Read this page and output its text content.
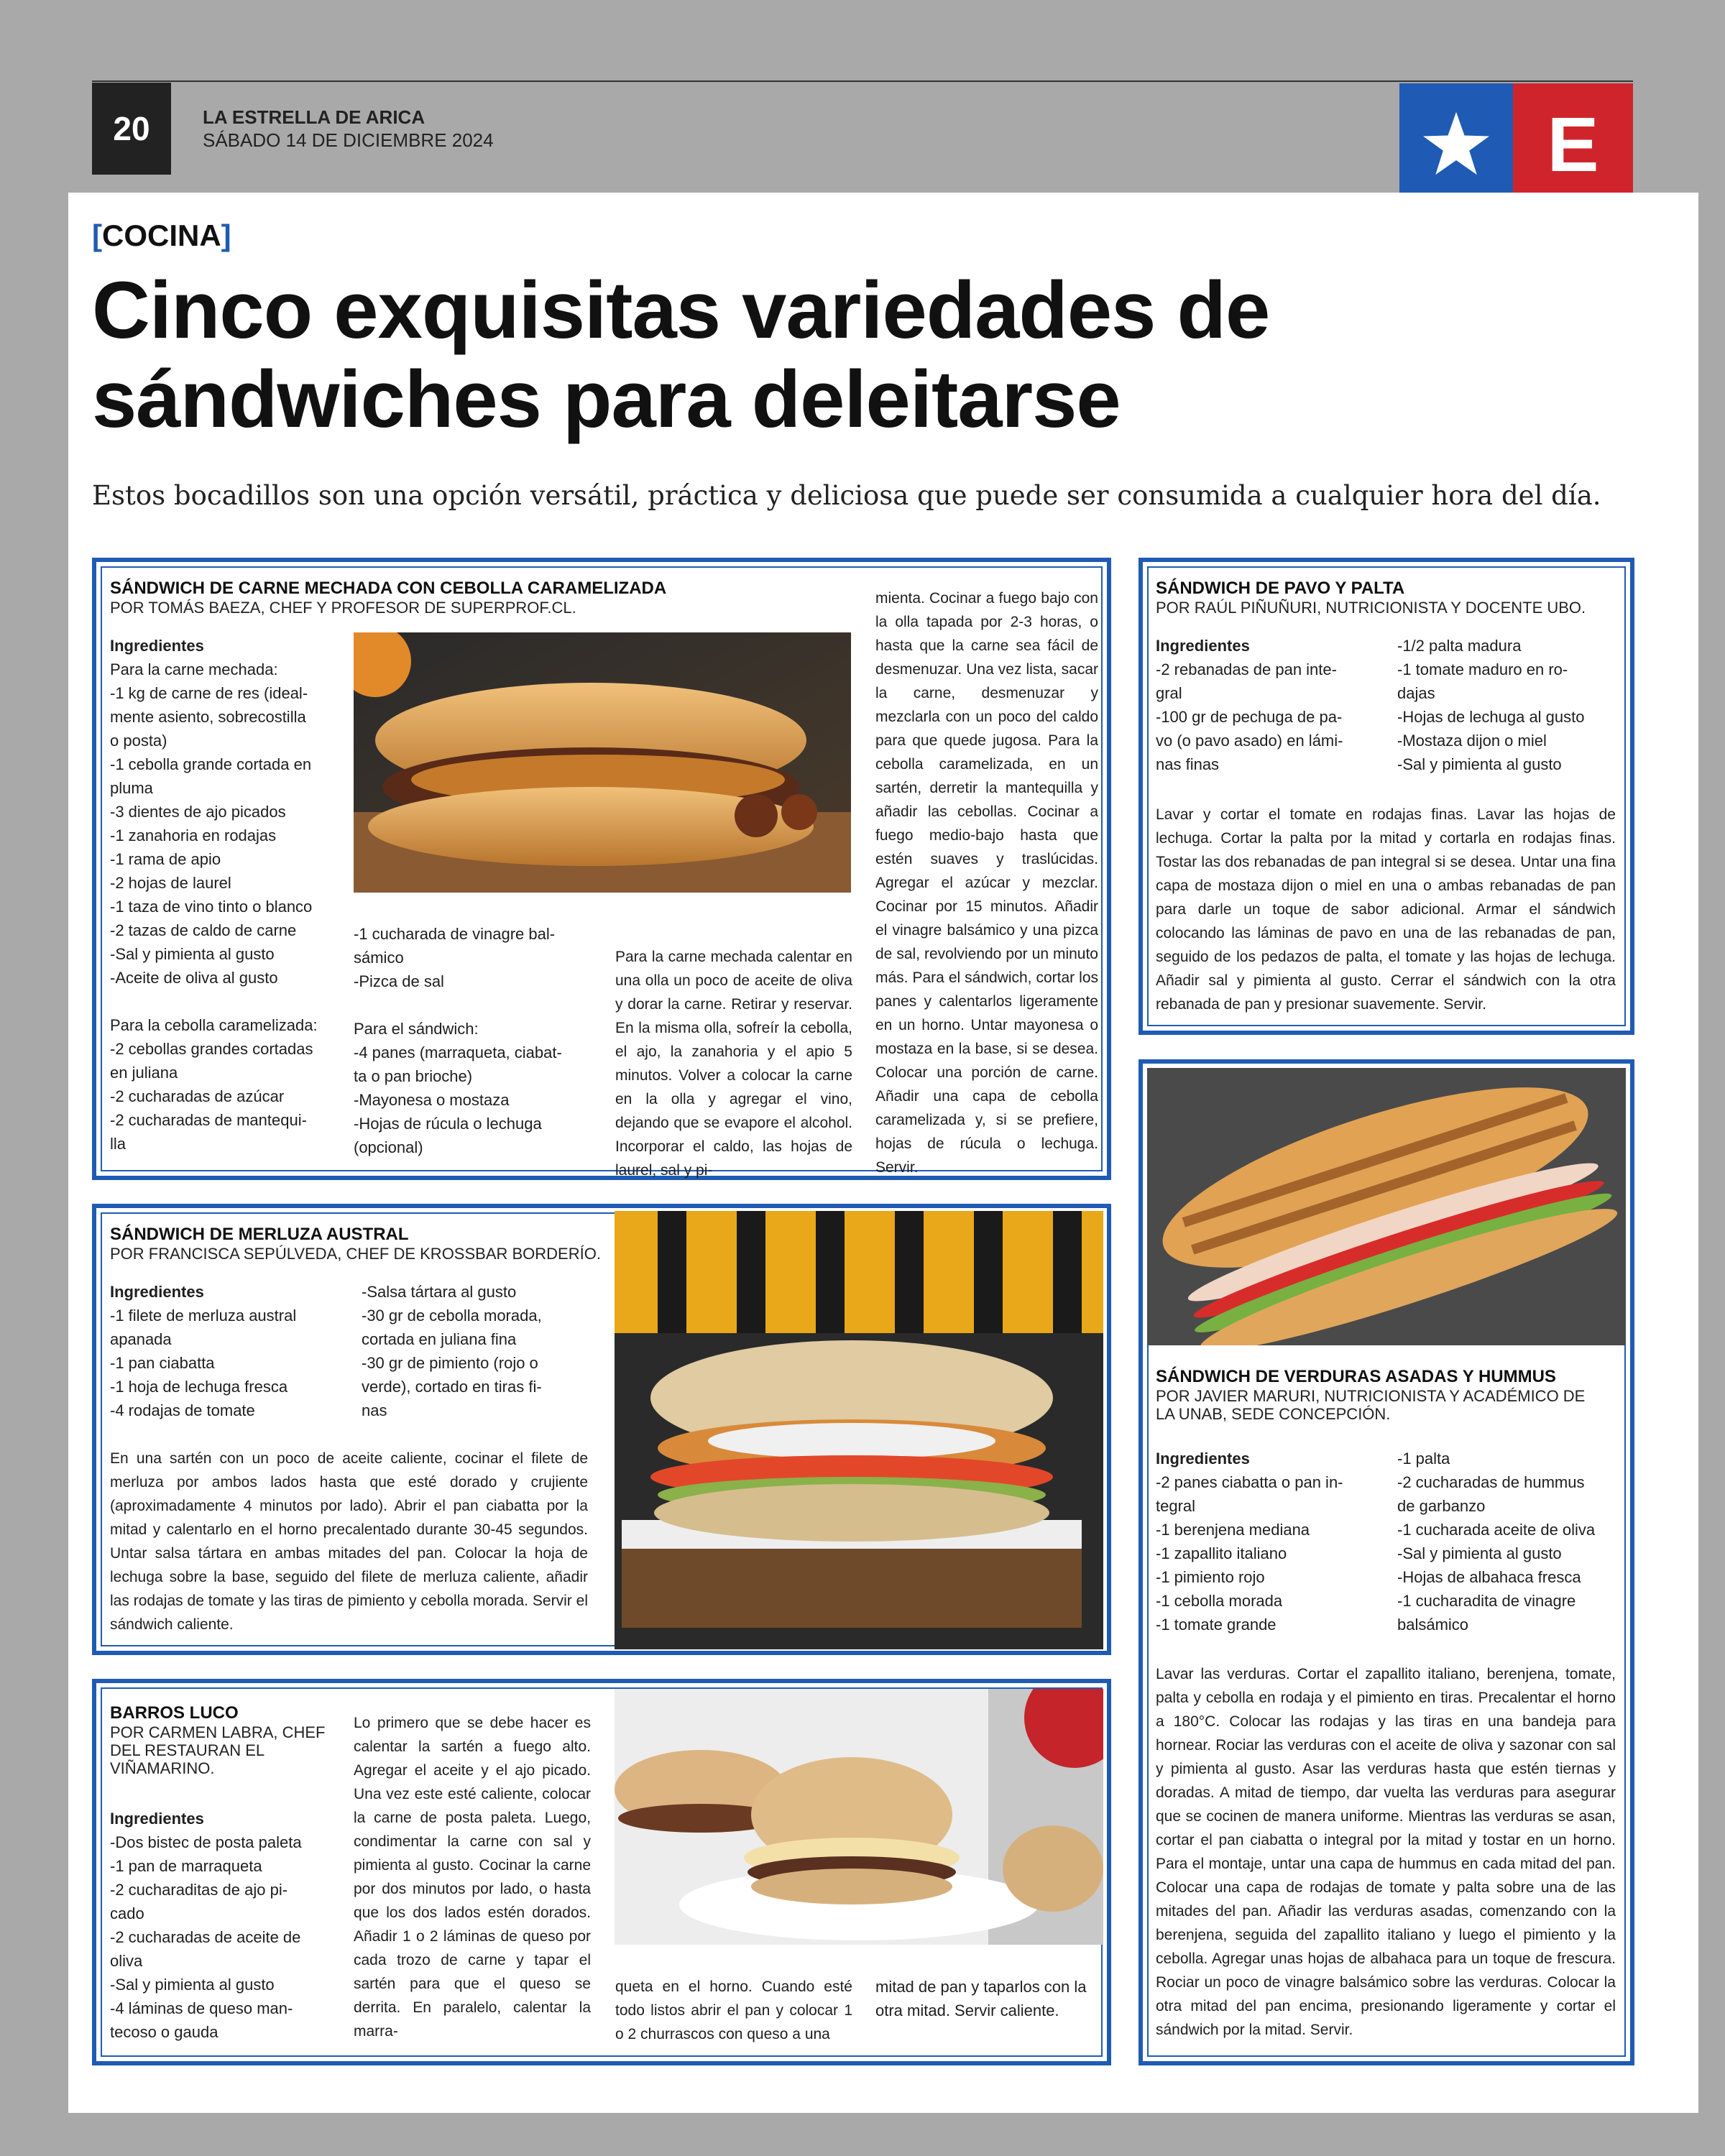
20	LA ESTRELLA DE ARICA
SÁBADO 14 DE DICIEMBRE 2024	E
[COCINA]
Cinco exquisitas variedades de sándwiches para deleitarse
Estos bocadillos son una opción versátil, práctica y deliciosa que puede ser consumida a cualquier hora del día.
SÁNDWICH DE CARNE MECHADA CON CEBOLLA CARAMELIZADA
POR TOMÁS BAEZA, CHEF Y PROFESOR DE SUPERPROF.CL.
Ingredientes
Para la carne mechada:
-1 kg de carne de res (ideal-
mente asiento, sobrecostilla
o posta)
-1 cebolla grande cortada en
pluma
-3 dientes de ajo picados
-1 zanahoria en rodajas
-1 rama de apio
-2 hojas de laurel
-1 taza de vino tinto o blanco
-2 tazas de caldo de carne
-Sal y pimienta al gusto
-Aceite de oliva al gusto

Para la cebolla caramelizada:
-2 cebollas grandes cortadas
en juliana
-2 cucharadas de azúcar
-2 cucharadas de mantequi-
lla
-1 cucharada de vinagre bal-
sámico
-Pizca de sal

Para el sándwich:
-4 panes (marraqueta, ciabat-
ta o pan brioche)
-Mayonesa o mostaza
-Hojas de rúcula o lechuga
(opcional)
Para la carne mechada calentar en una olla un poco de aceite de oliva y dorar la carne. Retirar y reservar. En la misma olla, sofreír la cebolla, el ajo, la zanahoria y el apio 5 minutos. Volver a colocar la carne en la olla y agregar el vino, dejando que se evapore el alcohol. Incorporar el caldo, las hojas de laurel, sal y pi-
mienta. Cocinar a fuego bajo con la olla tapada por 2-3 horas, o hasta que la carne sea fácil de desmenuzar. Una vez lista, sacar la carne, desmenuzar y mezclarla con un poco del caldo para que quede jugosa. Para la cebolla caramelizada, en un sartén, derretir la mantequilla y añadir las cebollas. Cocinar a fuego medio-bajo hasta que estén suaves y traslúcidas. Agregar el azúcar y mezclar. Cocinar por 15 minutos. Añadir el vinagre balsámico y una pizca de sal, revolviendo por un minuto más. Para el sándwich, cortar los panes y calentarlos ligeramente en un horno. Untar mayonesa o mostaza en la base, si se desea. Colocar una porción de carne. Añadir una capa de cebolla caramelizada y, si se prefiere, hojas de rúcula o lechuga. Servir.
SÁNDWICH DE PAVO Y PALTA
POR RAÚL PIÑUÑURI, NUTRICIONISTA Y DOCENTE UBO.
Ingredientes
-2 rebanadas de pan inte-
gral
-100 gr de pechuga de pa-
vo (o pavo asado) en lámi-
nas finas
-1/2 palta madura
-1 tomate maduro en ro-
dajas
-Hojas de lechuga al gusto
-Mostaza dijon o miel
-Sal y pimienta al gusto
Lavar y cortar el tomate en rodajas finas. Lavar las hojas de lechuga. Cortar la palta por la mitad y cortarla en rodajas finas. Tostar las dos rebanadas de pan integral si se desea. Untar una fina capa de mostaza dijon o miel en una o ambas rebanadas de pan para darle un toque de sabor adicional. Armar el sándwich colocando las láminas de pavo en una de las rebanadas de pan, seguido de los pedazos de palta, el tomate y las hojas de lechuga. Añadir sal y pimienta al gusto. Cerrar el sándwich con la otra rebanada de pan y presionar suavemente. Servir.
SÁNDWICH DE MERLUZA AUSTRAL
POR FRANCISCA SEPÚLVEDA, CHEF DE KROSSBAR BORDERÍO.
Ingredientes
-1 filete de merluza austral
apanada
-1 pan ciabatta
-1 hoja de lechuga fresca
-4 rodajas de tomate
-Salsa tártara al gusto
-30 gr de cebolla morada,
cortada en juliana fina
-30 gr de pimiento (rojo o
verde), cortado en tiras fi-
nas
En una sartén con un poco de aceite caliente, cocinar el filete de merluza por ambos lados hasta que esté dorado y crujiente (aproximadamente 4 minutos por lado). Abrir el pan ciabatta por la mitad y calentarlo en el horno precalentado durante 30-45 segundos. Untar salsa tártara en ambas mitades del pan. Colocar la hoja de lechuga sobre la base, seguido del filete de merluza caliente, añadir las rodajas de tomate y las tiras de pimiento y cebolla morada. Servir el sándwich caliente.
BARROS LUCO
POR CARMEN LABRA, CHEF
DEL RESTAURAN EL
VIÑAMARINO.
Ingredientes
-Dos bistec de posta paleta
-1 pan de marraqueta
-2 cucharaditas de ajo pi-
cado
-2 cucharadas de aceite de
oliva
-Sal y pimienta al gusto
-4 láminas de queso man-
tecoso o gauda
Lo primero que se debe hacer es calentar la sartén a fuego alto. Agregar el aceite y el ajo picado. Una vez este esté caliente, colocar la carne de posta paleta. Luego, condimentar la carne con sal y pimienta al gusto. Cocinar la carne por dos minutos por lado, o hasta que los dos lados estén dorados. Añadir 1 o 2 láminas de queso por cada trozo de carne y tapar el sartén para que el queso se derrita. En paralelo, calentar la marra-
queta en el horno. Cuando esté todo listos abrir el pan y colocar 1 o 2 churrascos con queso a una
mitad de pan y taparlos con la otra mitad. Servir caliente.
SÁNDWICH DE VERDURAS ASADAS Y HUMMUS
POR JAVIER MARURI, NUTRICIONISTA Y ACADÉMICO DE
LA UNAB, SEDE CONCEPCIÓN.
Ingredientes
-2 panes ciabatta o pan in-
tegral
-1 berenjena mediana
-1 zapallito italiano
-1 pimiento rojo
-1 cebolla morada
-1 tomate grande
-1 palta
-2 cucharadas de hummus
de garbanzo
-1 cucharada aceite de oliva
-Sal y pimienta al gusto
-Hojas de albahaca fresca
-1 cucharadita de vinagre
balsámico
Lavar las verduras. Cortar el zapallito italiano, berenjena, tomate, palta y cebolla en rodaja y el pimiento en tiras. Precalentar el horno a 180°C. Colocar las rodajas y las tiras en una bandeja para hornear. Rociar las verduras con el aceite de oliva y sazonar con sal y pimienta al gusto. Asar las verduras hasta que estén tiernas y doradas. A mitad de tiempo, dar vuelta las verduras para asegurar que se cocinen de manera uniforme. Mientras las verduras se asan, cortar el pan ciabatta o integral por la mitad y tostar en un horno. Para el montaje, untar una capa de hummus en cada mitad del pan. Colocar una capa de rodajas de tomate y palta sobre una de las mitades del pan. Añadir las verduras asadas, comenzando con la berenjena, seguida del zapallito italiano y luego el pimiento y la cebolla. Agregar unas hojas de albahaca para un toque de frescura. Rociar un poco de vinagre balsámico sobre las verduras. Colocar la otra mitad del pan encima, presionando ligeramente y cortar el sándwich por la mitad. Servir.
